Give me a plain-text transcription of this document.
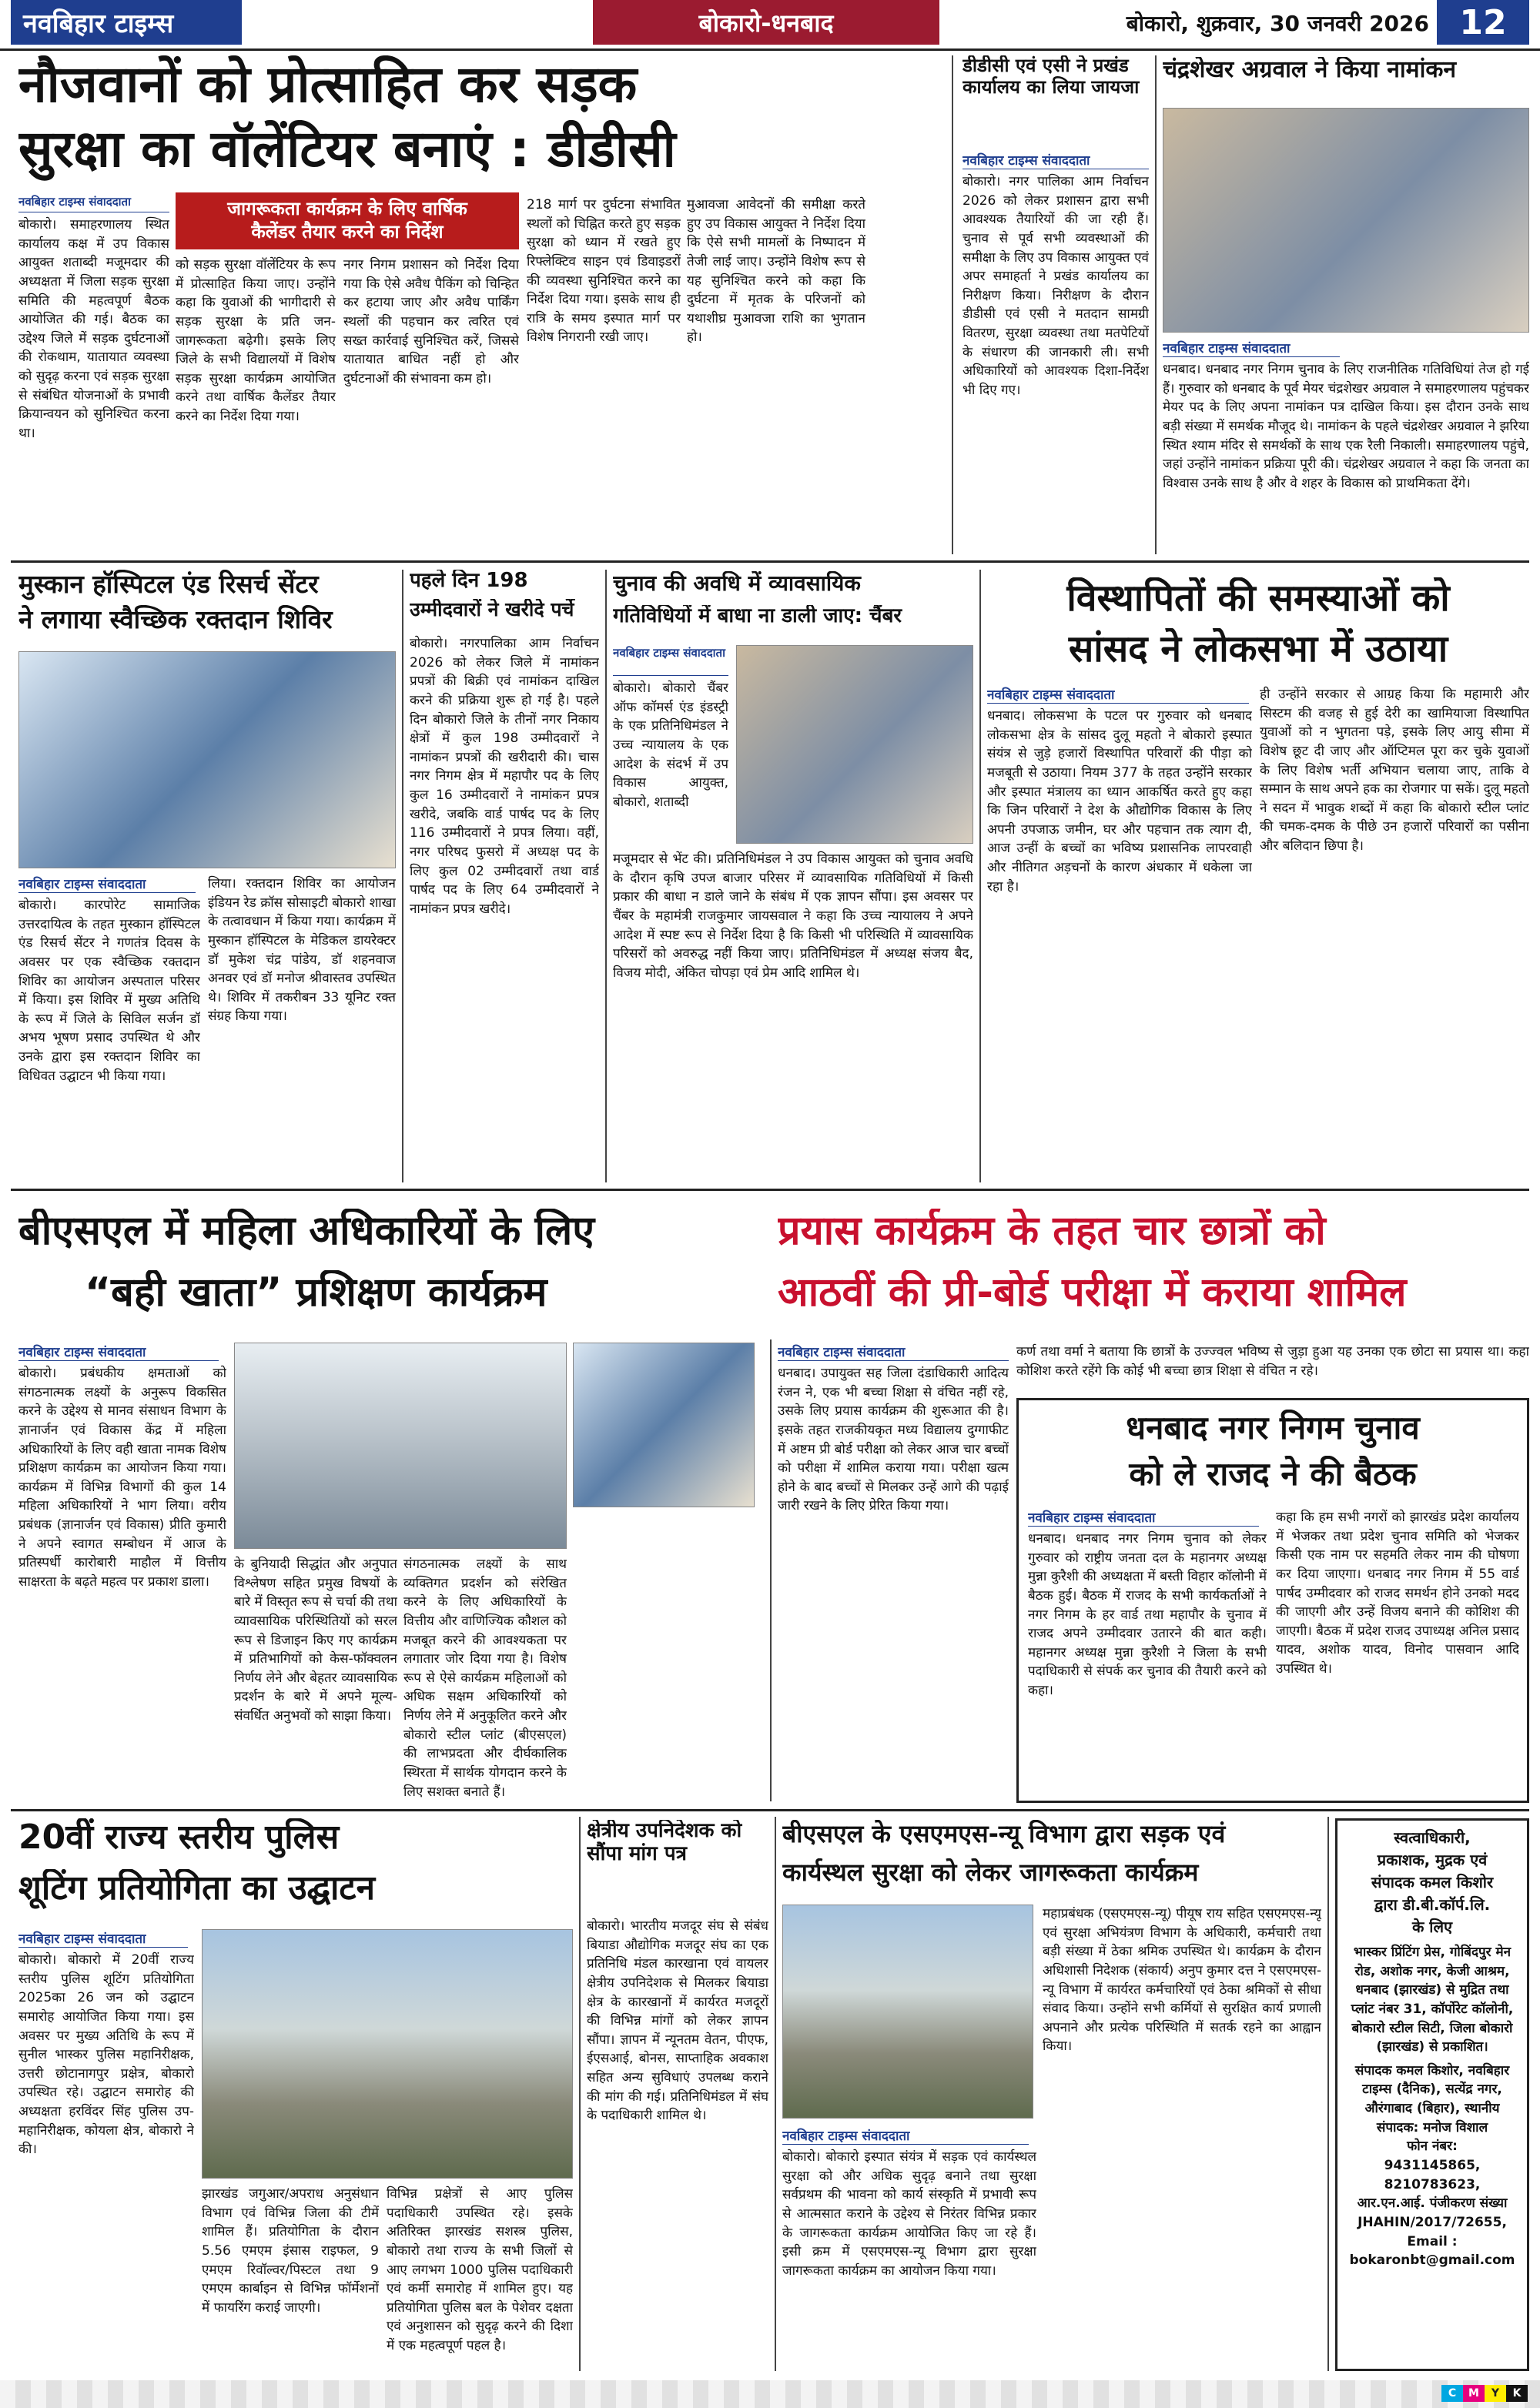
नवबिहार टाइम्स	बोकारो-धनबाद	बोकारो, शुक्रवार, 30 जनवरी 2026 12
नौजवानों को प्रोत्साहित कर सड़क
सुरक्षा का वॉलेंटियर बनाएं : डीडीसी
जागरूकता कार्यक्रम के लिए वार्षिक
कैलेंडर तैयार करने का निर्देश
नवबिहार टाइम्स संवाददाता
बोकारो। समाहरणालय स्थित कार्यालय कक्ष में उप विकास आयुक्त शताब्दी मजूमदार की अध्यक्षता में जिला सड़क सुरक्षा समिति की महत्वपूर्ण बैठक आयोजित की गई। बैठक का उद्देश्य जिले में सड़क दुर्घटनाओं की रोकथाम, यातायात व्यवस्था को सुदृढ़ करना एवं सड़क सुरक्षा से संबंधित योजनाओं के प्रभावी क्रियान्वयन को सुनिश्चित करना था।
को सड़क सुरक्षा वॉलेंटियर के रूप में प्रोत्साहित किया जाए। उन्होंने कहा कि युवाओं की भागीदारी से सड़क सुरक्षा के प्रति जन-जागरूकता बढ़ेगी। इसके लिए जिले के सभी विद्यालयों में विशेष सड़क सुरक्षा कार्यक्रम आयोजित करने तथा वार्षिक कैलेंडर तैयार करने का निर्देश दिया गया।
नगर निगम प्रशासन को निर्देश दिया गया कि ऐसे अवैध पैकिंग को चिन्हित कर हटाया जाए और अवैध पार्किंग स्थलों की पहचान कर त्वरित एवं सख्त कार्रवाई सुनिश्चित करें, जिससे यातायात बाधित नहीं हो और दुर्घटनाओं की संभावना कम हो।
218 मार्ग पर दुर्घटना संभावित स्थलों को चिह्नित करते हुए सड़क सुरक्षा को ध्यान में रखते हुए रिफ्लेक्टिव साइन एवं डिवाइडरों की व्यवस्था सुनिश्चित करने का निर्देश दिया गया। इसके साथ ही रात्रि के समय इस्पात मार्ग पर विशेष निगरानी रखी जाए।
मुआवजा आवेदनों की समीक्षा करते हुए उप विकास आयुक्त ने निर्देश दिया कि ऐसे सभी मामलों के निष्पादन में तेजी लाई जाए। उन्होंने विशेष रूप से यह सुनिश्चित करने को कहा कि दुर्घटना में मृतक के परिजनों को यथाशीघ्र मुआवजा राशि का भुगतान हो।
डीडीसी एवं एसी ने प्रखंड कार्यालय का लिया जायजा
नवबिहार टाइम्स संवाददाता
बोकारो। नगर पालिका आम निर्वाचन 2026 को लेकर प्रशासन द्वारा सभी आवश्यक तैयारियों की जा रही हैं। चुनाव से पूर्व सभी व्यवस्थाओं की समीक्षा के लिए उप विकास आयुक्त एवं अपर समाहर्ता ने प्रखंड कार्यालय का निरीक्षण किया। निरीक्षण के दौरान डीडीसी एवं एसी ने मतदान सामग्री वितरण, सुरक्षा व्यवस्था तथा मतपेटियों के संधारण की जानकारी ली। सभी अधिकारियों को आवश्यक दिशा-निर्देश भी दिए गए।
चंद्रशेखर अग्रवाल ने किया नामांकन
नवबिहार टाइम्स संवाददाता
धनबाद। धनबाद नगर निगम चुनाव के लिए राजनीतिक गतिविधियां तेज हो गई हैं। गुरुवार को धनबाद के पूर्व मेयर चंद्रशेखर अग्रवाल ने समाहरणालय पहुंचकर मेयर पद के लिए अपना नामांकन पत्र दाखिल किया। इस दौरान उनके साथ बड़ी संख्या में समर्थक मौजूद थे। नामांकन के पहले चंद्रशेखर अग्रवाल ने झरिया स्थित श्याम मंदिर से समर्थकों के साथ एक रैली निकाली। समाहरणालय पहुंचे, जहां उन्होंने नामांकन प्रक्रिया पूरी की। चंद्रशेखर अग्रवाल ने कहा कि जनता का विश्वास उनके साथ है और वे शहर के विकास को प्राथमिकता देंगे।
मुस्कान हॉस्पिटल एंड रिसर्च सेंटर
ने लगाया स्वैच्छिक रक्तदान शिविर
नवबिहार टाइम्स संवाददाता
बोकारो। कारपोरेट सामाजिक उत्तरदायित्व के तहत मुस्कान हॉस्पिटल एंड रिसर्च सेंटर ने गणतंत्र दिवस के अवसर पर एक स्वैच्छिक रक्तदान शिविर का आयोजन अस्पताल परिसर में किया। इस शिविर में मुख्य अतिथि के रूप में जिले के सिविल सर्जन डॉ अभय भूषण प्रसाद उपस्थित थे और उनके द्वारा इस रक्तदान शिविर का विधिवत उद्घाटन भी किया गया।
लिया। रक्तदान शिविर का आयोजन इंडियन रेड क्रॉस सोसाइटी बोकारो शाखा के तत्वावधान में किया गया। कार्यक्रम में मुस्कान हॉस्पिटल के मेडिकल डायरेक्टर डॉ मुकेश चंद्र पांडेय, डॉ शहनवाज अनवर एवं डॉ मनोज श्रीवास्तव उपस्थित थे। शिविर में तकरीबन 33 यूनिट रक्त संग्रह किया गया।
पहले दिन 198
उम्मीदवारों ने खरीदे पर्चे
बोकारो। नगरपालिका आम निर्वाचन 2026 को लेकर जिले में नामांकन प्रपत्रों की बिक्री एवं नामांकन दाखिल करने की प्रक्रिया शुरू हो गई है। पहले दिन बोकारो जिले के तीनों नगर निकाय क्षेत्रों में कुल 198 उम्मीदवारों ने नामांकन प्रपत्रों की खरीदारी की। चास नगर निगम क्षेत्र में महापौर पद के लिए कुल 16 उम्मीदवारों ने नामांकन प्रपत्र खरीदे, जबकि वार्ड पार्षद पद के लिए 116 उम्मीदवारों ने प्रपत्र लिया। वहीं, नगर परिषद फुसरो में अध्यक्ष पद के लिए कुल 02 उम्मीदवारों तथा वार्ड पार्षद पद के लिए 64 उम्मीदवारों ने नामांकन प्रपत्र खरीदे।
चुनाव की अवधि में व्यावसायिक
गतिविधियों में बाधा ना डाली जाए: चैंबर
नवबिहार टाइम्स संवाददाता
बोकारो। बोकारो चैंबर ऑफ कॉमर्स एंड इंडस्ट्री के एक प्रतिनिधिमंडल ने उच्च न्यायालय के एक आदेश के संदर्भ में उप विकास आयुक्त, बोकारो, शताब्दी
मजूमदार से भेंट की। प्रतिनिधिमंडल ने उप विकास आयुक्त को चुनाव अवधि के दौरान कृषि उपज बाजार परिसर में व्यावसायिक गतिविधियों में किसी प्रकार की बाधा न डाले जाने के संबंध में एक ज्ञापन सौंपा। इस अवसर पर चैंबर के महामंत्री राजकुमार जायसवाल ने कहा कि उच्च न्यायालय ने अपने आदेश में स्पष्ट रूप से निर्देश दिया है कि किसी भी परिस्थिति में व्यावसायिक परिसरों को अवरुद्ध नहीं किया जाए। प्रतिनिधिमंडल में अध्यक्ष संजय बैद, विजय मोदी, अंकित चोपड़ा एवं प्रेम आदि शामिल थे।
विस्थापितों की समस्याओं को
सांसद ने लोकसभा में उठाया
नवबिहार टाइम्स संवाददाता
धनबाद। लोकसभा के पटल पर गुरुवार को धनबाद लोकसभा क्षेत्र के सांसद दुलू महतो ने बोकारो इस्पात संयंत्र से जुड़े हजारों विस्थापित परिवारों की पीड़ा को मजबूती से उठाया। नियम 377 के तहत उन्होंने सरकार और इस्पात मंत्रालय का ध्यान आकर्षित करते हुए कहा कि जिन परिवारों ने देश के औद्योगिक विकास के लिए अपनी उपजाऊ जमीन, घर और पहचान तक त्याग दी, आज उन्हीं के बच्चों का भविष्य प्रशासनिक लापरवाही और नीतिगत अड़चनों के कारण अंधकार में धकेला जा रहा है।
ही उन्होंने सरकार से आग्रह किया कि महामारी और सिस्टम की वजह से हुई देरी का खामियाजा विस्थापित युवाओं को न भुगतना पड़े, इसके लिए आयु सीमा में विशेष छूट दी जाए और ऑप्टिमल पूरा कर चुके युवाओं के लिए विशेष भर्ती अभियान चलाया जाए, ताकि वे सम्मान के साथ अपने हक का रोजगार पा सकें। दुलू महतो ने सदन में भावुक शब्दों में कहा कि बोकारो स्टील प्लांट की चमक-दमक के पीछे उन हजारों परिवारों का पसीना और बलिदान छिपा है।
बीएसएल में महिला अधिकारियों के लिए
“बही खाता” प्रशिक्षण कार्यक्रम
प्रयास कार्यक्रम के तहत चार छात्रों को
आठवीं की प्री-बोर्ड परीक्षा में कराया शामिल
नवबिहार टाइम्स संवाददाता
बोकारो। प्रबंधकीय क्षमताओं को संगठनात्मक लक्ष्यों के अनुरूप विकसित करने के उद्देश्य से मानव संसाधन विभाग के ज्ञानार्जन एवं विकास केंद्र में महिला अधिकारियों के लिए वही खाता नामक विशेष प्रशिक्षण कार्यक्रम का आयोजन किया गया। कार्यक्रम में विभिन्न विभागों की कुल 14 महिला अधिकारियों ने भाग लिया। वरीय प्रबंधक (ज्ञानार्जन एवं विकास) प्रीति कुमारी ने अपने स्वागत सम्बोधन में आज के प्रतिस्पर्धी कारोबारी माहौल में वित्तीय साक्षरता के बढ़ते महत्व पर प्रकाश डाला।
के बुनियादी सिद्धांत और अनुपात विश्लेषण सहित प्रमुख विषयों के बारे में विस्तृत रूप से चर्चा की तथा व्यावसायिक परिस्थितियों को सरल रूप से डिजाइन किए गए कार्यक्रम में प्रतिभागियों को केस-फॉक्वलन निर्णय लेने और बेहतर व्यावसायिक प्रदर्शन के बारे में अपने मूल्य-संवर्धित अनुभवों को साझा किया।
संगठनात्मक लक्ष्यों के साथ व्यक्तिगत प्रदर्शन को संरेखित करने के लिए अधिकारियों के वित्तीय और वाणिज्यिक कौशल को मजबूत करने की आवश्यकता पर लगातार जोर दिया गया है। विशेष रूप से ऐसे कार्यक्रम महिलाओं को अधिक सक्षम अधिकारियों को निर्णय लेने में अनुकूलित करने और बोकारो स्टील प्लांट (बीएसएल) की लाभप्रदता और दीर्घकालिक स्थिरता में सार्थक योगदान करने के लिए सशक्त बनाते हैं।
नवबिहार टाइम्स संवाददाता
धनबाद। उपायुक्त सह जिला दंडाधिकारी आदित्य रंजन ने, एक भी बच्चा शिक्षा से वंचित नहीं रहे, उसके लिए प्रयास कार्यक्रम की शुरूआत की है। इसके तहत राजकीयकृत मध्य विद्यालय दुग्गाफीट में अष्टम प्री बोर्ड परीक्षा को लेकर आज चार बच्चों को परीक्षा में शामिल कराया गया। परीक्षा खत्म होने के बाद बच्चों से मिलकर उन्हें आगे की पढ़ाई जारी रखने के लिए प्रेरित किया गया।
कर्ण तथा वर्मा ने बताया कि छात्रों के उज्ज्वल भविष्य से जुड़ा हुआ यह उनका एक छोटा सा प्रयास था। कहा कोशिश करते रहेंगे कि कोई भी बच्चा छात्र शिक्षा से वंचित न रहे।
धनबाद नगर निगम चुनाव
को ले राजद ने की बैठक
नवबिहार टाइम्स संवाददाता
धनबाद। धनबाद नगर निगम चुनाव को लेकर गुरुवार को राष्ट्रीय जनता दल के महानगर अध्यक्ष मुन्ना कुरैशी की अध्यक्षता में बस्ती विहार कॉलोनी में बैठक हुई। बैठक में राजद के सभी कार्यकर्ताओं ने नगर निगम के हर वार्ड तथा महापौर के चुनाव में राजद अपने उम्मीदवार उतारने की बात कही। महानगर अध्यक्ष मुन्ना कुरैशी ने जिला के सभी पदाधिकारी से संपर्क कर चुनाव की तैयारी करने को कहा।
कहा कि हम सभी नगरों को झारखंड प्रदेश कार्यालय में भेजकर तथा प्रदेश चुनाव समिति को भेजकर किसी एक नाम पर सहमति लेकर नाम की घोषणा कर दिया जाएगा। धनबाद नगर निगम में 55 वार्ड पार्षद उम्मीदवार को राजद समर्थन होने उनको मदद की जाएगी और उन्हें विजय बनाने की कोशिश की जाएगी। बैठक में प्रदेश राजद उपाध्यक्ष अनिल प्रसाद यादव, अशोक यादव, विनोद पासवान आदि उपस्थित थे।
20वीं राज्य स्तरीय पुलिस
शूटिंग प्रतियोगिता का उद्घाटन
नवबिहार टाइम्स संवाददाता
बोकारो। बोकारो में 20वीं राज्य स्तरीय पुलिस शूटिंग प्रतियोगिता 2025का 26 जन को उद्घाटन समारोह आयोजित किया गया। इस अवसर पर मुख्य अतिथि के रूप में सुनील भास्कर पुलिस महानिरीक्षक, उत्तरी छोटानागपुर प्रक्षेत्र, बोकारो उपस्थित रहे। उद्घाटन समारोह की अध्यक्षता हरविंदर सिंह पुलिस उप-महानिरीक्षक, कोयला क्षेत्र, बोकारो ने की।
झारखंड जगुआर/अपराध अनुसंधान विभाग एवं विभिन्न जिला की टीमें शामिल हैं। प्रतियोगिता के दौरान 5.56 एमएम इंसास राइफल, 9 एमएम रिवॉल्वर/पिस्टल तथा 9 एमएम कार्बाइन से विभिन्न फॉर्मेशनों में फायरिंग कराई जाएगी।
विभिन्न प्रक्षेत्रों से आए पुलिस पदाधिकारी उपस्थित रहे। इसके अतिरिक्त झारखंड सशस्त्र पुलिस, बोकारो तथा राज्य के सभी जिलों से आए लगभग 1000 पुलिस पदाधिकारी एवं कर्मी समारोह में शामिल हुए। यह प्रतियोगिता पुलिस बल के पेशेवर दक्षता एवं अनुशासन को सुदृढ़ करने की दिशा में एक महत्वपूर्ण पहल है।
क्षेत्रीय उपनिदेशक को सौंपा मांग पत्र
बोकारो। भारतीय मजदूर संघ से संबंध बियाडा औद्योगिक मजदूर संघ का एक प्रतिनिधि मंडल कारखाना एवं वायलर क्षेत्रीय उपनिदेशक से मिलकर बियाडा क्षेत्र के कारखानों में कार्यरत मजदूरों की विभिन्न मांगों को लेकर ज्ञापन सौंपा। ज्ञापन में न्यूनतम वेतन, पीएफ, ईएसआई, बोनस, साप्ताहिक अवकाश सहित अन्य सुविधाएं उपलब्ध कराने की मांग की गई। प्रतिनिधिमंडल में संघ के पदाधिकारी शामिल थे।
बीएसएल के एसएमएस-न्यू विभाग द्वारा सड़क एवं
कार्यस्थल सुरक्षा को लेकर जागरूकता कार्यक्रम
नवबिहार टाइम्स संवाददाता
बोकारो। बोकारो इस्पात संयंत्र में सड़क एवं कार्यस्थल सुरक्षा को और अधिक सुदृढ़ बनाने तथा सुरक्षा सर्वप्रथम की भावना को कार्य संस्कृति में प्रभावी रूप से आत्मसात कराने के उद्देश्य से निरंतर विभिन्न प्रकार के जागरूकता कार्यक्रम आयोजित किए जा रहे हैं। इसी क्रम में एसएमएस-न्यू विभाग द्वारा सुरक्षा जागरूकता कार्यक्रम का आयोजन किया गया।
महाप्रबंधक (एसएमएस-न्यू) पीयूष राय सहित एसएमएस-न्यू एवं सुरक्षा अभियंत्रण विभाग के अधिकारी, कर्मचारी तथा बड़ी संख्या में ठेका श्रमिक उपस्थित थे। कार्यक्रम के दौरान अधिशासी निदेशक (संकार्य) अनुप कुमार दत्त ने एसएमएस-न्यू विभाग में कार्यरत कर्मचारियों एवं ठेका श्रमिकों से सीधा संवाद किया। उन्होंने सभी कर्मियों से सुरक्षित कार्य प्रणाली अपनाने और प्रत्येक परिस्थिति में सतर्क रहने का आह्वान किया।
स्वत्वाधिकारी,
प्रकाशक, मुद्रक एवं
संपादक कमल किशोर
द्वारा डी.बी.कॉर्प.लि.
के लिए
भास्कर प्रिंटिंग प्रेस, गोबिंदपुर मेन रोड, अशोक नगर, केजी आश्रम, धनबाद (झारखंड) से मुद्रित तथा प्लांट नंबर 31, कॉर्पोरेट कॉलोनी, बोकारो स्टील सिटी, जिला बोकारो (झारखंड) से प्रकाशित।
संपादक कमल किशोर, नवबिहार टाइम्स (दैनिक), सत्येंद्र नगर, औरंगाबाद (बिहार), स्थानीय संपादक: मनोज विशाल
फोन नंबर:
9431145865,
8210783623,
आर.एन.आई. पंजीकरण संख्या
JHAHIN/2017/72655,
Email :
bokaronbt@gmail.com
C	M	Y	K
